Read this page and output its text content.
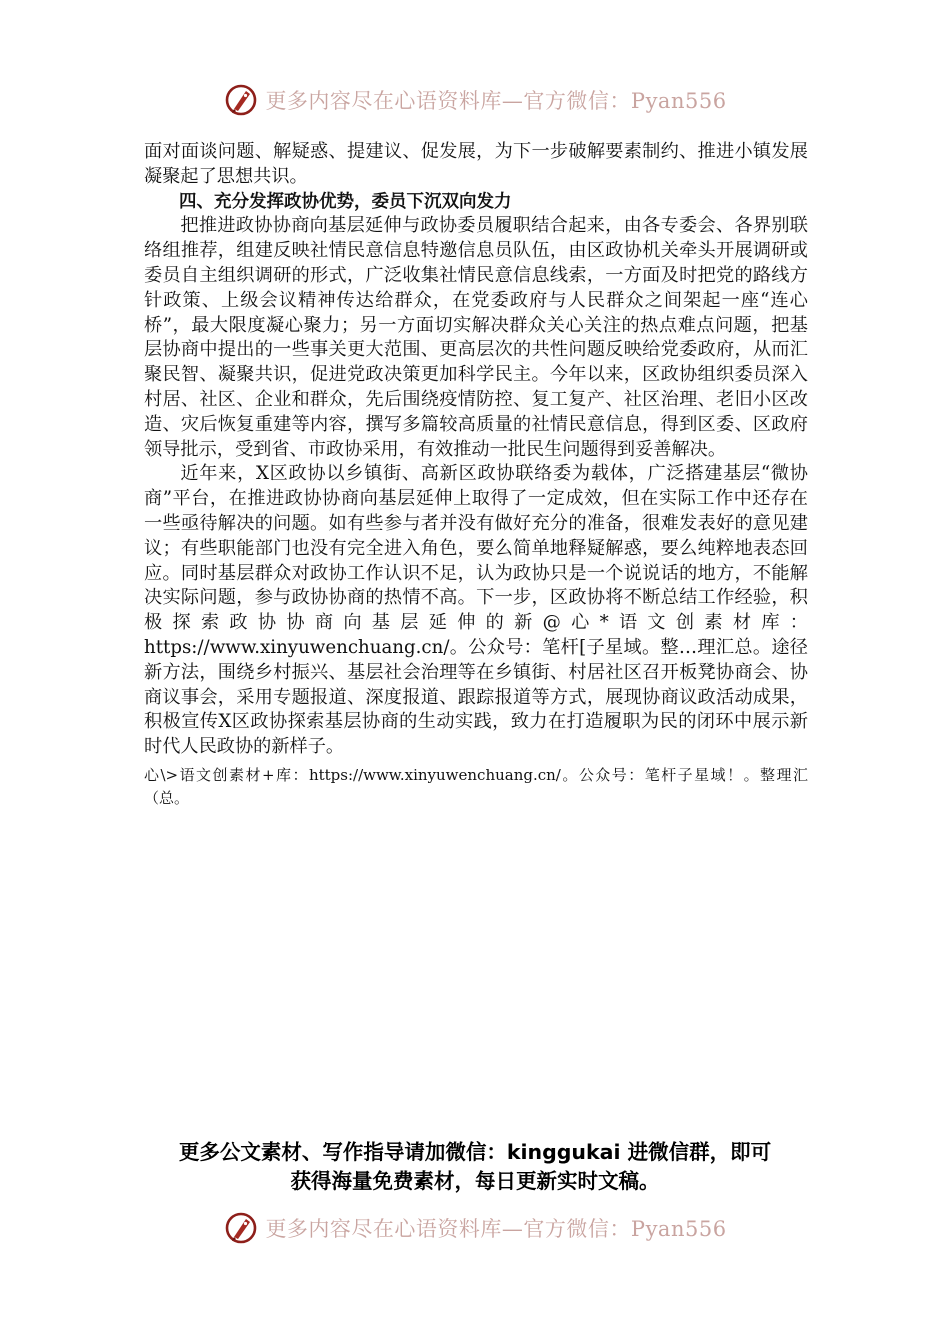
更多内容尽在心语资料库—官方微信：Pyan556

面对面谈问题、解疑惑、提建议、促发展，为下一步破解要素制约、推进小镇发展凝聚起了思想共识。

四、充分发挥政协优势，委员下沉双向发力

把推进政协协商向基层延伸与政协委员履职结合起来，由各专委会、各界别联络组推荐，组建反映社情民意信息特邀信息员队伍，由区政协机关牵头开展调研或委员自主组织调研的形式，广泛收集社情民意信息线索，一方面及时把党的路线方针政策、上级会议精神传达给群众，在党委政府与人民群众之间架起一座“连心桥”，最大限度凝心聚力；另一方面切实解决群众关心关注的热点难点问题，把基层协商中提出的一些事关更大范围、更高层次的共性问题反映给党委政府，从而汇聚民智、凝聚共识，促进党政决策更加科学民主。今年以来，区政协组织委员深入村居、社区、企业和群众，先后围绕疫情防控、复工复产、社区治理、老旧小区改造、灾后恢复重建等内容，撰写多篇较高质量的社情民意信息，得到区委、区政府领导批示，受到省、市政协采用，有效推动一批民生问题得到妥善解决。

近年来，X区政协以乡镇街、高新区政协联络委为载体，广泛搭建基层“微协商”平台，在推进政协协商向基层延伸上取得了一定成效，但在实际工作中还存在一些亟待解决的问题。如有些参与者并没有做好充分的准备，很难发表好的意见建议；有些职能部门也没有完全进入角色，要么简单地释疑解惑，要么纯粹地表态回应。同时基层群众对政协工作认识不足，认为政协只是一个说说话的地方，不能解决实际问题，参与政协协商的热情不高。下一步，区政协将不断总结工作经验，积极探索政协协商向基层延伸的新@心*语文创素材库：https://www.xinyuwenchuang.cn/。公众号：笔杆[子星域。整…理汇总。途径新方法，围绕乡村振兴、基层社会治理等在乡镇街、村居社区召开板凳协商会、协商议事会，采用专题报道、深度报道、跟踪报道等方式，展现协商议政活动成果，积极宣传X区政协探索基层协商的生动实践，致力在打造履职为民的闭环中展示新时代人民政协的新样子。

心\>语文创素材+库：https://www.xinyuwenchuang.cn/。公众号：笔杆子星域！。整理汇（总。

更多公文素材、写作指导请加微信：kinggukai 进微信群，即可
获得海量免费素材，每日更新实时文稿。
更多内容尽在心语资料库—官方微信：Pyan556
